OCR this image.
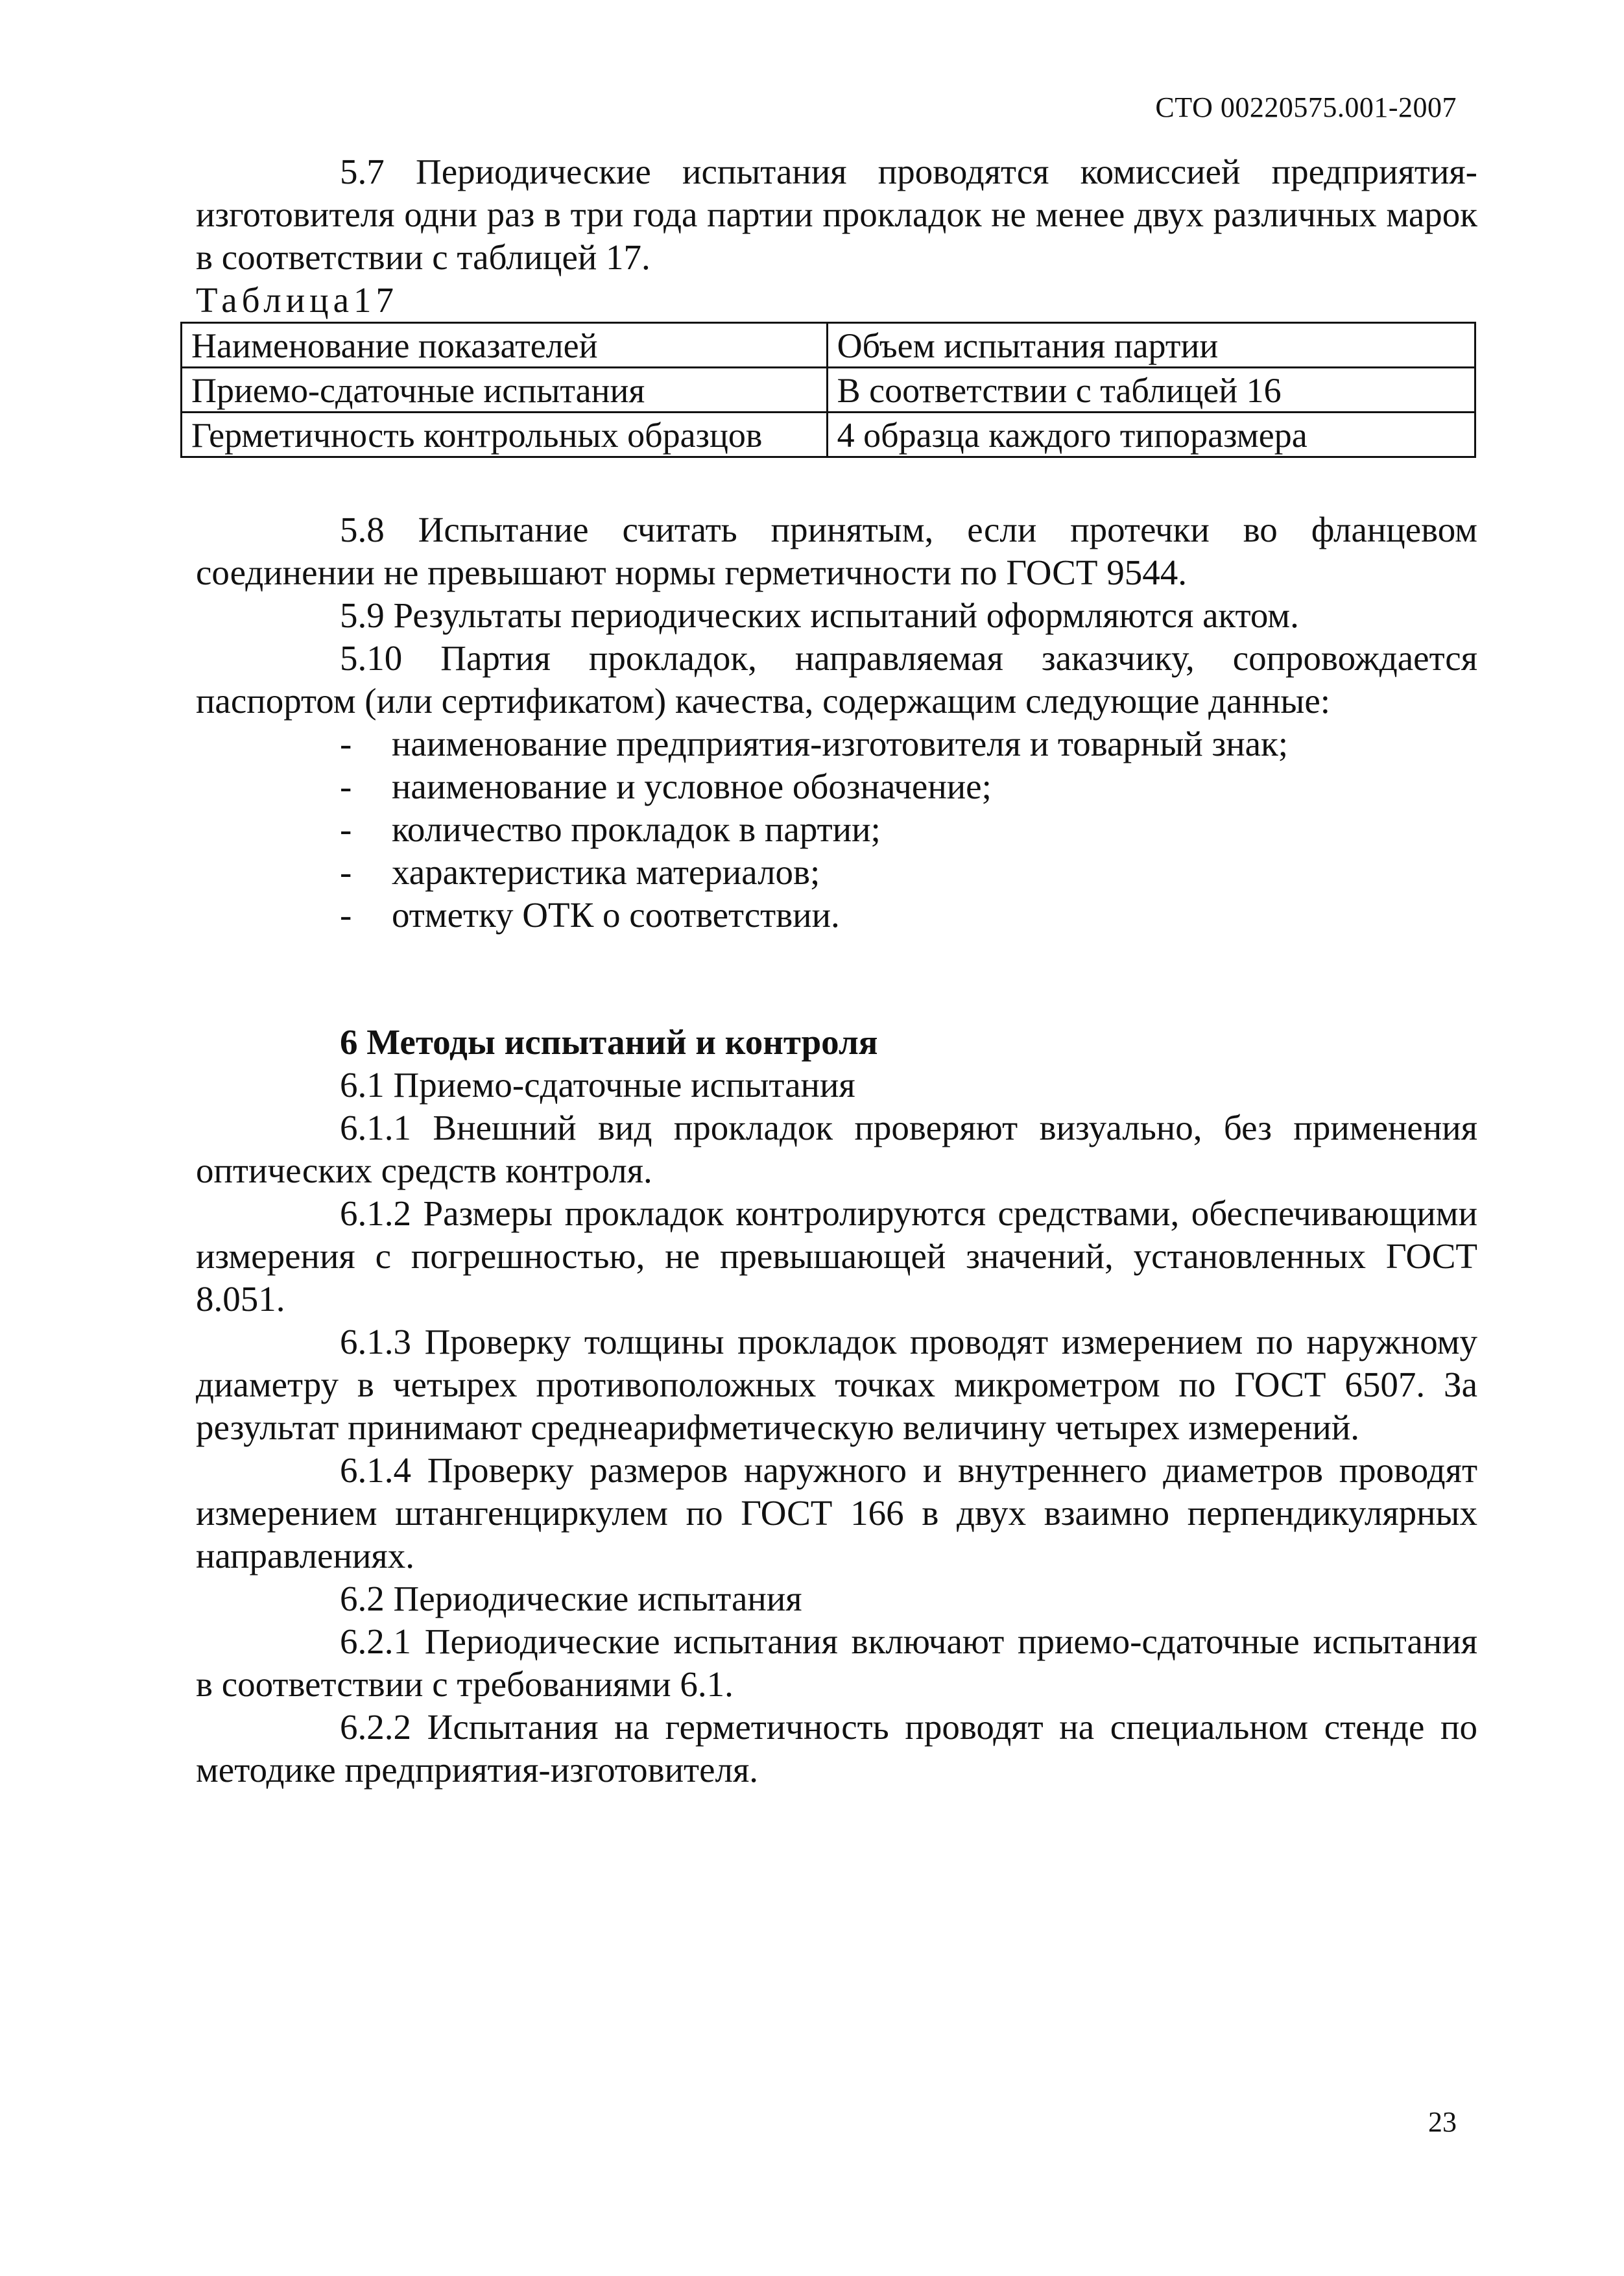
СТО 00220575.001-2007

5.7 Периодические испытания проводятся комиссией предприятия-изготовителя одни раз в три года партии прокладок не менее двух различных марок в соответствии с таблицей 17.

Таблица17

Наименование показателей	Объем испытания партии
Приемо-сдаточные испытания	В соответствии с таблицей 16
Герметичность контрольных образцов	4 образца каждого типоразмера

5.8 Испытание считать принятым, если протечки во фланцевом соединении не превышают нормы герметичности по ГОСТ 9544.

5.9 Результаты периодических испытаний оформляются актом.

5.10 Партия прокладок, направляемая заказчику, сопровождается паспортом (или сертификатом) качества, содержащим следующие данные:

- наименование предприятия-изготовителя и товарный знак;
- наименование и условное обозначение;
- количество прокладок в партии;
- характеристика материалов;
- отметку ОТК о соответствии.

6 Методы испытаний и контроля

6.1 Приемо-сдаточные испытания

6.1.1 Внешний вид прокладок проверяют визуально, без применения оптических средств контроля.

6.1.2 Размеры прокладок контролируются средствами, обеспечивающими измерения с погрешностью, не превышающей значений, установленных ГОСТ 8.051.

6.1.3 Проверку толщины прокладок проводят измерением по наружному диаметру в четырех противоположных точках микрометром по ГОСТ 6507. За результат принимают среднеарифметическую величину четырех измерений.

6.1.4 Проверку размеров наружного и внутреннего диаметров проводят измерением штангенциркулем по ГОСТ 166 в двух взаимно перпендикулярных направлениях.

6.2 Периодические испытания

6.2.1 Периодические испытания включают приемо-сдаточные испытания в соответствии с требованиями 6.1.

6.2.2 Испытания на герметичность проводят на специальном стенде по методике предприятия-изготовителя.

23
